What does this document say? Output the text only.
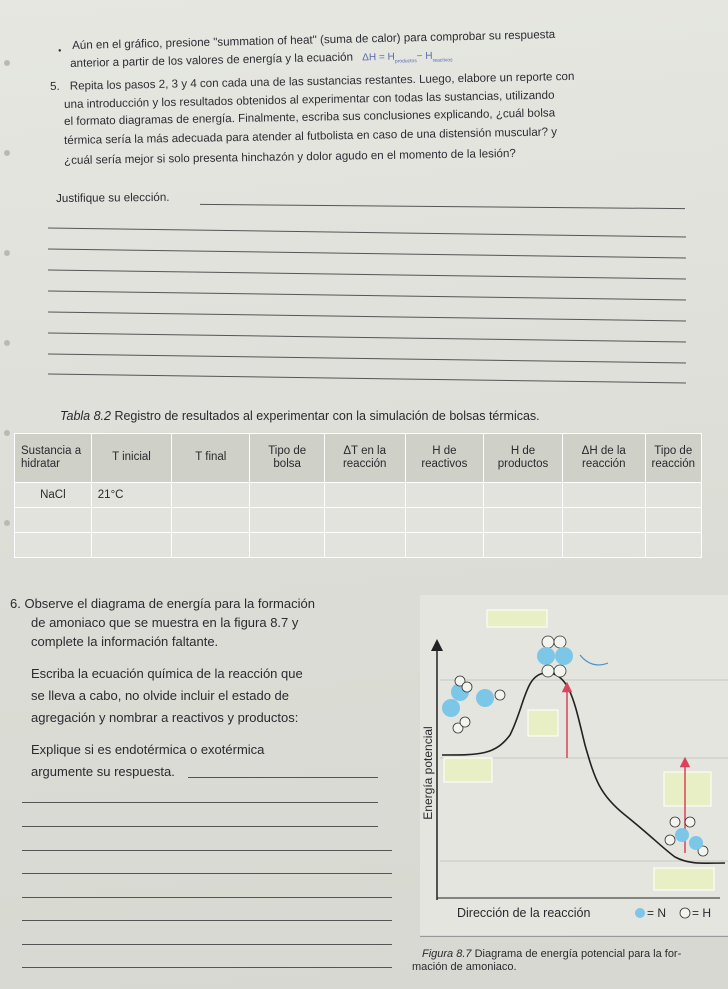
• Aún en el gráfico, presione "summation of heat" (suma de calor) para comprobar su respuesta
anterior a partir de los valores de energía y la ecuación $\Delta H = H_{productos}- H_{reactivos}$
5. Repita los pasos 2, 3 y 4 con cada una de las sustancias restantes. Luego, elabore un reporte con
una introducción y los resultados obtenidos al experimentar con todas las sustancias, utilizando
el formato diagramas de energía. Finalmente, escriba sus conclusiones explicando, ¿cuál bolsa
térmica sería la más adecuada para atender al futbolista en caso de una distensión muscular? y
¿cuál sería mejor si solo presenta hinchazón y dolor agudo en el momento de la lesión?
Justifique su elección.
Tabla 8.2 Registro de resultados al experimentar con la simulación de bolsas térmicas.
Sustancia a hidratar	T inicial	T final	Tipo de bolsa	ΔT en la reacción	H de reactivos	H de productos	ΔH de la reacción	Tipo de reacción
NaCl	21°C							

6. Observe el diagrama de energía para la formación
de amoniaco que se muestra en la figura 8.7 y
complete la información faltante.
Escriba la ecuación química de la reacción que
se lleva a cabo, no olvide incluir el estado de
agregación y nombrar a reactivos y productos:
Explique si es endotérmica o exotérmica
argumente su respuesta.	Energía potencial
Dirección de la reacción	= N = H
Figura 8.7 Diagrama de energía potencial para la for-
mación de amoniaco.
